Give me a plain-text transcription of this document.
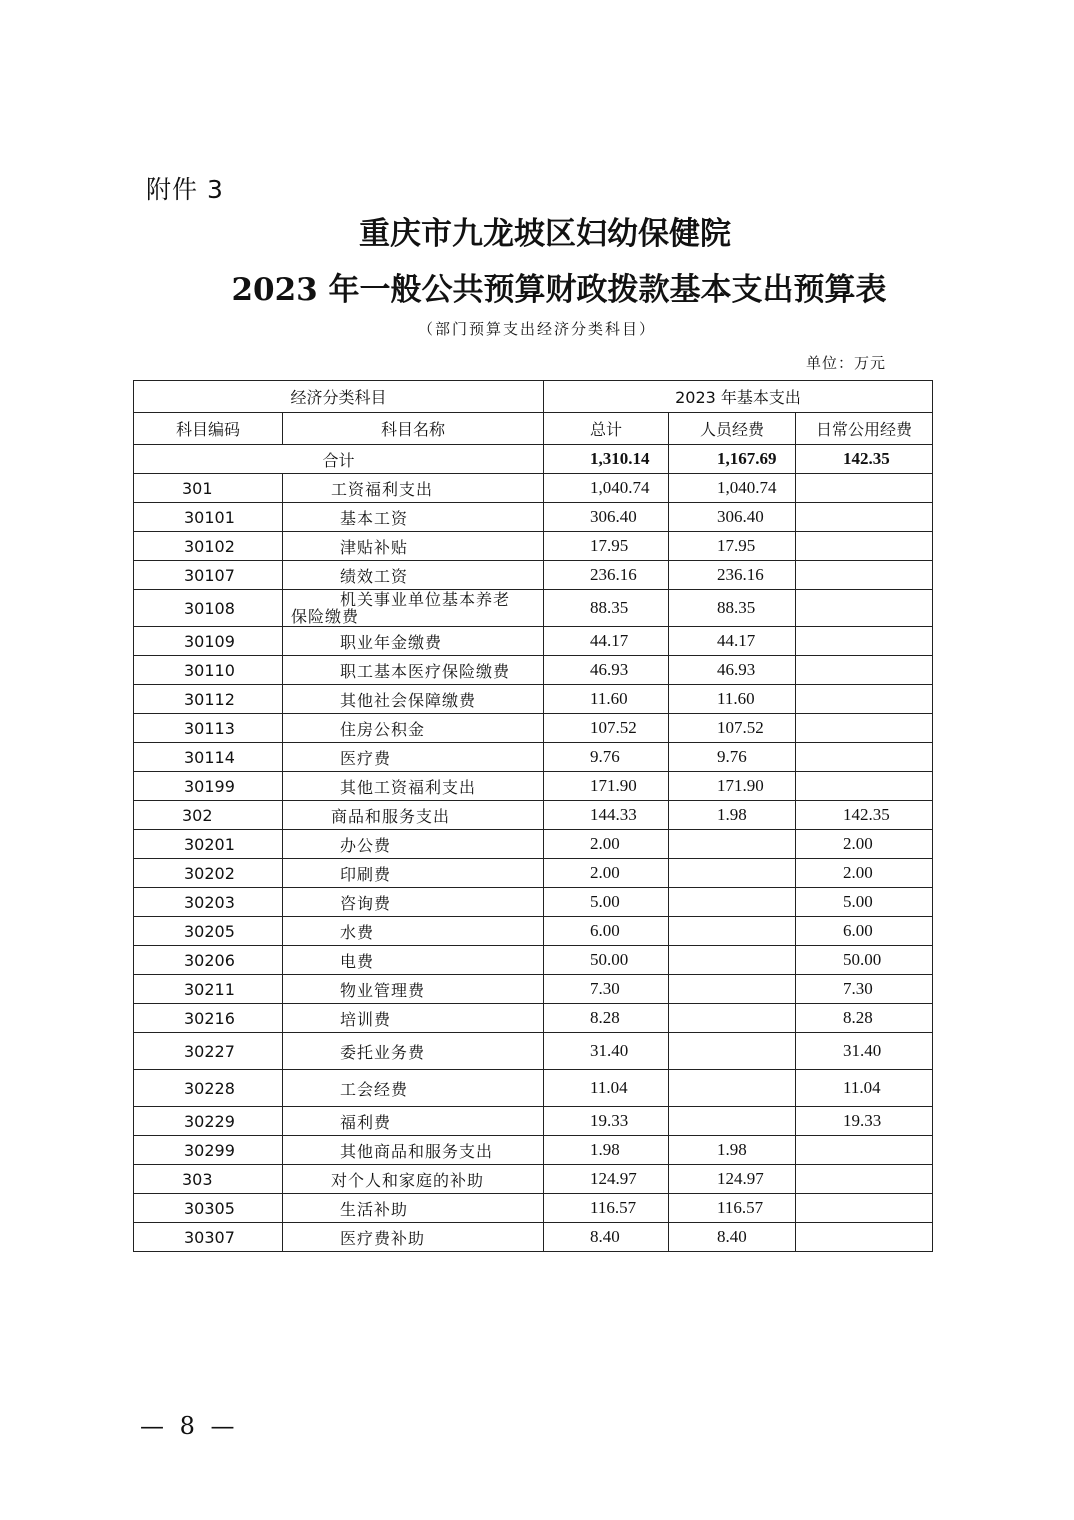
附件 3
重庆市九龙坡区妇幼保健院
2023 年一般公共预算财政拨款基本支出预算表
（部门预算支出经济分类科目）
单位：万元
经济分类科目		2023 年基本支出		
科目编码	科目名称	总计	人员经费	日常公用经费
合计		1,310.14	1,167.69	142.35
301	工资福利支出	1,040.74	1,040.74	
30101	基本工资	306.40	306.40	
30102	津贴补贴	17.95	17.95	
30107	绩效工资	236.16	236.16	
30108	机关事业单位基本养老
保险缴费	88.35	88.35	
30109	职业年金缴费	44.17	44.17	
30110	职工基本医疗保险缴费	46.93	46.93	
30112	其他社会保障缴费	11.60	11.60	
30113	住房公积金	107.52	107.52	
30114	医疗费	9.76	9.76	
30199	其他工资福利支出	171.90	171.90	
302	商品和服务支出	144.33	1.98	142.35
30201	办公费	2.00		2.00
30202	印刷费	2.00		2.00
30203	咨询费	5.00		5.00
30205	水费	6.00		6.00
30206	电费	50.00		50.00
30211	物业管理费	7.30		7.30
30216	培训费	8.28		8.28
30227	委托业务费	31.40		31.40
30228	工会经费	11.04		11.04
30229	福利费	19.33		19.33
30299	其他商品和服务支出	1.98	1.98	
303	对个人和家庭的补助	124.97	124.97	
30305	生活补助	116.57	116.57	
30307	医疗费补助	8.40	8.40	
— 8 —
